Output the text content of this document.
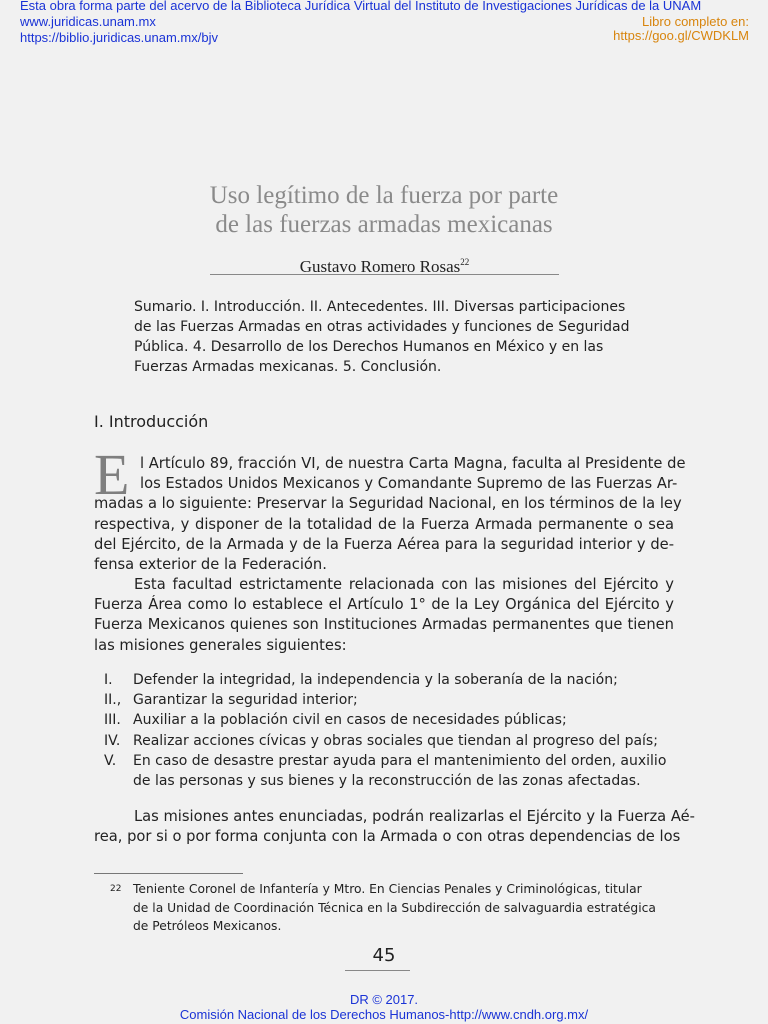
Esta obra forma parte del acervo de la Biblioteca Jurídica Virtual del Instituto de Investigaciones Jurídicas de la UNAM
www.juridicas.unam.mx
https://biblio.juridicas.unam.mx/bjv
Libro completo en:
https://goo.gl/CWDKLM
Uso legítimo de la fuerza por parte
de las fuerzas armadas mexicanas
Gustavo Romero Rosas$^{22}$
Sumario. I. Introducción. II. Antecedentes. III. Diversas participaciones
de las Fuerzas Armadas en otras actividades y funciones de Seguridad
Pública. 4. Desarrollo de los Derechos Humanos en México y en las
Fuerzas Armadas mexicanas. 5. Conclusión.
I. Introducción
E l Artículo 89, fracción VI, de nuestra Carta Magna, faculta al Presidente de
los Estados Unidos Mexicanos y Comandante Supremo de las Fuerzas Ar-
madas a lo siguiente: Preservar la Seguridad Nacional, en los términos de la ley
respectiva, y disponer de la totalidad de la Fuerza Armada permanente o sea
del Ejército, de la Armada y de la Fuerza Aérea para la seguridad interior y de-
fensa exterior de la Federación.
Esta facultad estrictamente relacionada con las misiones del Ejército y
Fuerza Área como lo establece el Artículo 1° de la Ley Orgánica del Ejército y
Fuerza Mexicanos quienes son Instituciones Armadas permanentes que tienen
las misiones generales siguientes:
I. Defender la integridad, la independencia y la soberanía de la nación;
II., Garantizar la seguridad interior;
III. Auxiliar a la población civil en casos de necesidades públicas;
IV. Realizar acciones cívicas y obras sociales que tiendan al progreso del país;
V. En caso de desastre prestar ayuda para el mantenimiento del orden, auxilio
de las personas y sus bienes y la reconstrucción de las zonas afectadas.
Las misiones antes enunciadas, podrán realizarlas el Ejército y la Fuerza Aé-
rea, por si o por forma conjunta con la Armada o con otras dependencias de los
22 Teniente Coronel de Infantería y Mtro. En Ciencias Penales y Criminológicas, titular
de la Unidad de Coordinación Técnica en la Subdirección de salvaguardia estratégica
de Petróleos Mexicanos.
45
DR © 2017.
Comisión Nacional de los Derechos Humanos-http://www.cndh.org.mx/
